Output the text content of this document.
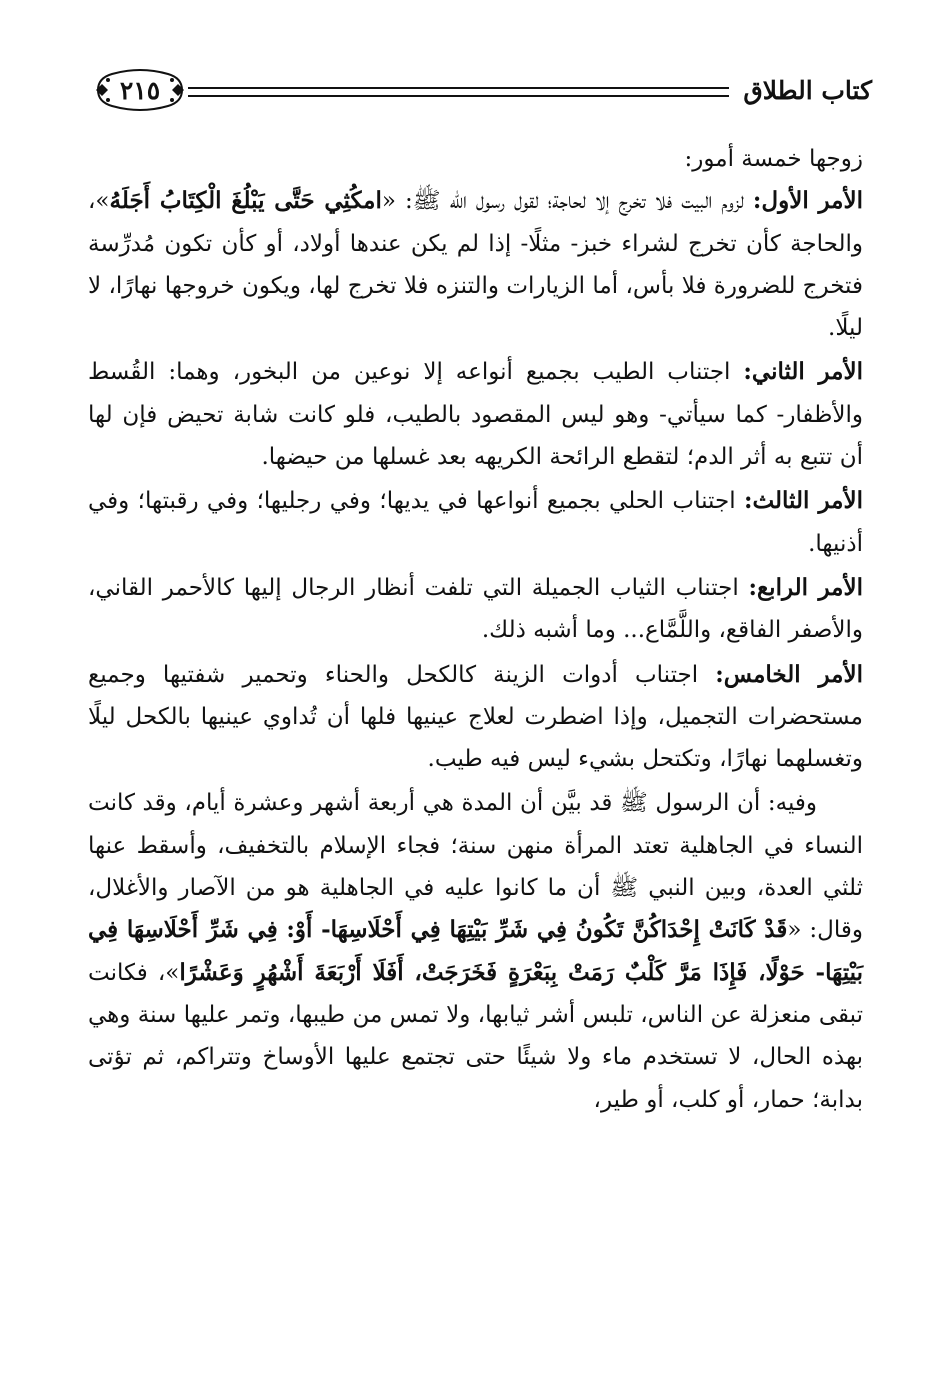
كتاب الطلاق
٢١٥

زوجها خمسة أمور:

الأمر الأول: لزوم البيت فلا تخرج إلا لحاجة؛ لقول رسول الله ﷺ: «امكُثِي حَتَّى يَبْلُغَ الْكِتَابُ أَجَلَهُ»، والحاجة كأن تخرج لشراء خبز- مثلًا- إذا لم يكن عندها أولاد، أو كأن تكون مُدرِّسة فتخرج للضرورة فلا بأس، أما الزيارات والتنزه فلا تخرج لها، ويكون خروجها نهارًا، لا ليلًا.

الأمر الثاني: اجتناب الطيب بجميع أنواعه إلا نوعين من البخور، وهما: القُسط والأظفار- كما سيأتي- وهو ليس المقصود بالطيب، فلو كانت شابة تحيض فإن لها أن تتبع به أثر الدم؛ لتقطع الرائحة الكريهه بعد غسلها من حيضها.

الأمر الثالث: اجتناب الحلي بجميع أنواعها في يديها؛ وفي رجليها؛ وفي رقبتها؛ وفي أذنيها.

الأمر الرابع: اجتناب الثياب الجميلة التي تلفت أنظار الرجال إليها كالأحمر القاني، والأصفر الفاقع، واللَّمَّاع... وما أشبه ذلك.

الأمر الخامس: اجتناب أدوات الزينة كالكحل والحناء وتحمير شفتيها وجميع مستحضرات التجميل، وإذا اضطرت لعلاج عينيها فلها أن تُداوي عينيها بالكحل ليلًا وتغسلهما نهارًا، وتكتحل بشيء ليس فيه طيب.

  وفيه: أن الرسول ﷺ قد بيَّن أن المدة هي أربعة أشهر وعشرة أيام، وقد كانت النساء في الجاهلية تعتد المرأة منهن سنة؛ فجاء الإسلام بالتخفيف، وأسقط عنها ثلثي العدة، وبين النبي ﷺ أن ما كانوا عليه في الجاهلية هو من الآصار والأغلال، وقال: «قَدْ كَانَتْ إِحْدَاكُنَّ تَكُونُ فِي شَرِّ بَيْتِهَا فِي أَحْلَاسِهَا- أَوْ: فِي شَرِّ أَحْلَاسِهَا فِي بَيْتِهَا- حَوْلًا، فَإِذَا مَرَّ كَلْبٌ رَمَتْ بِبَعْرَةٍ فَخَرَجَتْ، أَفَلَا أَرْبَعَةَ أَشْهُرٍ وَعَشْرًا»، فكانت تبقى منعزلة عن الناس، تلبس أشر ثيابها، ولا تمس من طيبها، وتمر عليها سنة وهي بهذه الحال، لا تستخدم ماء ولا شيئًا حتى تجتمع عليها الأوساخ وتتراكم، ثم تؤتى بدابة؛ حمار، أو كلب، أو طير،
